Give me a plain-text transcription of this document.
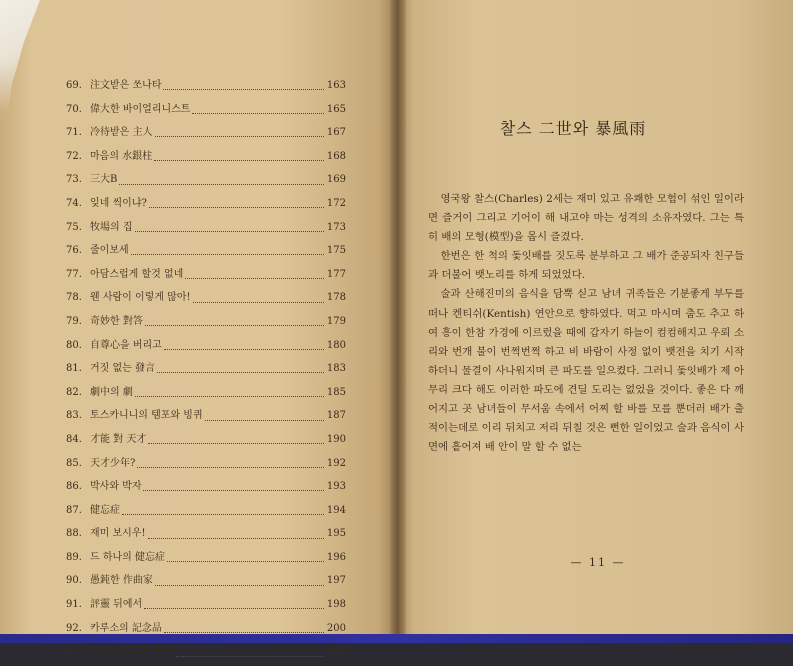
69. 注文받은 쏘나타	163
70. 偉大한 바이얼리니스트	165
71. 冷待받은 主人	167
72. 마음의 水銀柱	168
73. 三大B	169
74. 잊네 씩이냐?	172
75. 牧場의 집	173
76. 줄이보세	175
77. 아담스럽게 할것 없네	177
78. 웬 사람이 이렇게 많아!	178
79. 奇妙한 對答	179
80. 自尊心을 버리고	180
81. 거짓 없는 發言	183
82. 劇中의 劇	185
83. 토스카니니의 템포와 빙퀴	187
84. 才能 對 天才	190
85. 天才少年?	192
86. 박사와 박자	193
87. 健忘症	194
88. 재미 보시우!	195
89. 드 하나의 健忘症	196
90. 愚鈍한 作曲家	197
91. 評靈 뒤에서	198
92. 카루소의 記念品	200
93. 카루소가 그린 漫畵	202
찰스 二世와 暴風雨

영국왕 찰스(Charles) 2세는 재미 있고 유쾌한 모험이 섞인 일이라면 즐거이 그리고 기어이 해 내고야 마는 성격의 소유자였다. 그는 특히 배의 모형(模型)을 몹시 즐겼다.

한번은 한 척의 돛잇배를 짓도록 분부하고 그 배가 준공되자 친구들과 더불어 뱃노리를 하게 되었었다.

술과 산해진미의 음식을 담뿍 싣고 남녀 귀족들은 기분좋게 부두를 떠나 켄티쉬(Kentish) 연안으로 향하였다. 먹고 마시며 춤도 추고 하여 흥이 한참 가경에 이르렀을 때에 갑자기 하늘이 컴컴해지고 우뢰 소리와 번개 불이 번쩍번쩍 하고 비 바람이 사정 없이 뱃전을 치기 시작하더니 물결이 사나워지며 큰 파도를 일으켰다. 그러니 돛잇배가 제 아무리 크다 해도 이러한 파도에 견딜 도리는 없었을 것이다. 좋은 다 깨어지고 곳 남녀들이 무서움 속에서 어찌 할 바를 모를 뿐더러 배가 출적이는데로 이리 뒤치고 저리 뒤칠 것은 뻔한 일이었고 술과 음식이 사면에 흩어져 배 안이 말 할 수 없는

— 11 —
